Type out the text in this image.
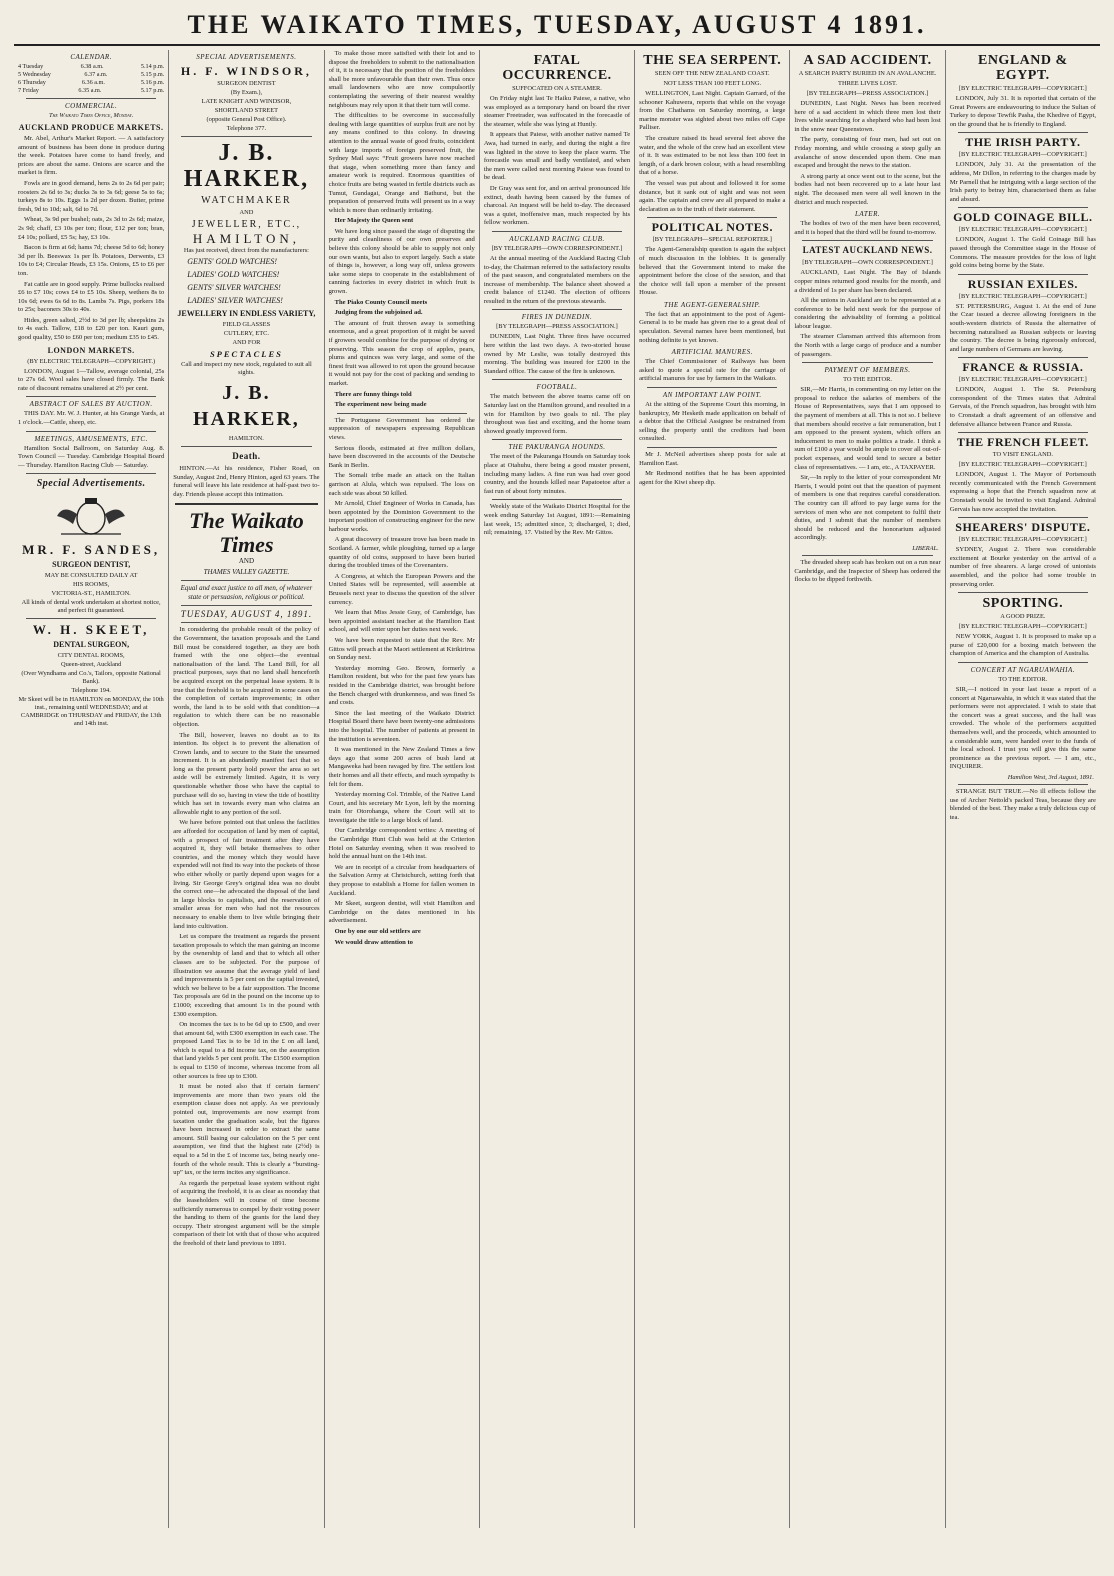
THE WAIKATO TIMES, TUESDAY, AUGUST 4 1891.
CALENDAR.
4 Tuesday	6.38 a.m.	5.14 p.m.
5 Wednesday	6.37 a.m.	5.15 p.m.
6 Thursday	6.36 a.m.	5.16 p.m.
7 Friday	6.35 a.m.	5.17 p.m.
COMMERCIAL.
The Waikato Times Office, Monday.
AUCKLAND PRODUCE MARKETS.

Mr. Abel, Arthur's Market Report. — A satisfactory amount of business has been done in produce during the week. Potatoes have come to hand freely, and prices are about the same. Onions are scarce and the market is firm.

Fowls are in good demand, hens 2s to 2s 6d per pair; roosters 2s 6d to 3s; ducks 3s to 3s 6d; geese 5s to 6s; turkeys 8s to 10s. Eggs 1s 2d per dozen. Butter, prime fresh, 9d to 10d; salt, 6d to 7d.

Wheat, 3s 9d per bushel; oats, 2s 3d to 2s 6d; maize, 2s 9d; chaff, £3 10s per ton; flour, £12 per ton; bran, £4 10s; pollard, £5 5s; hay, £3 10s.

Bacon is firm at 6d; hams 7d; cheese 5d to 6d; honey 3d per lb. Beeswax 1s per lb. Potatoes, Derwents, £3 10s to £4; Circular Heads, £3 15s. Onions, £5 to £6 per ton.

Fat cattle are in good supply. Prime bullocks realised £6 to £7 10s; cows £4 to £5 10s. Sheep, wethers 8s to 10s 6d; ewes 6s 6d to 8s. Lambs 7s. Pigs, porkers 18s to 25s; baconers 30s to 40s.

Hides, green salted, 2½d to 3d per lb; sheepskins 2s to 4s each. Tallow, £18 to £20 per ton. Kauri gum, good quality, £50 to £60 per ton; medium £35 to £45.

LONDON MARKETS.
(BY ELECTRIC TELEGRAPH—COPYRIGHT.)

LONDON, August 1—Tallow, average colonial, 25s to 27s 6d. Wool sales have closed firmly. The Bank rate of discount remains unaltered at 2½ per cent.

ABSTRACT OF SALES BY AUCTION.

THIS DAY. Mr. W. J. Hunter, at his Grange Yards, at 1 o'clock.—Cattle, sheep, etc.

MEETINGS, AMUSEMENTS, ETC.

Hamilton Social Ballroom, on Saturday Aug. 8. Town Council — Tuesday. Cambridge Hospital Board — Thursday. Hamilton Racing Club — Saturday.

Special Advertisements.
MR. F. SANDES,
SURGEON DENTIST,
MAY BE CONSULTED DAILY AT
HIS ROOMS,
VICTORIA-ST., HAMILTON.
All kinds of dental work undertaken at shortest notice, and perfect fit guaranteed.
W. H. SKEET,
DENTAL SURGEON,
CITY DENTAL ROOMS,
Queen-street, Auckland
(Over Wyndhams and Co.'s, Tailors, opposite National Bank).
Telephone 194.
Mr Skeet will be in HAMILTON on MONDAY, the 10th inst., remaining until WEDNESDAY; and at CAMBRIDGE on THURSDAY and FRIDAY, the 13th and 14th inst.
SPECIAL ADVERTISEMENTS.
H. F. WINDSOR,
SURGEON DENTIST
(By Exam.),
LATE KNIGHT AND WINDSOR,
SHORTLAND STREET
(opposite General Post Office).
Telephone 377.
J. B. HARKER,
WATCHMAKER
AND
JEWELLER, ETC.,
HAMILTON,
Has just received, direct from the manufacturers:
GENTS' GOLD WATCHES!
LADIES' GOLD WATCHES!
GENTS' SILVER WATCHES!
LADIES' SILVER WATCHES!
JEWELLERY IN ENDLESS VARIETY,
FIELD GLASSES
CUTLERY, ETC.
AND FOR
SPECTACLES
Call and inspect my new stock, regulated to suit all sights.
J. B. HARKER,
HAMILTON.
Death.

HINTON.—At his residence, Fisher Road, on Sunday, August 2nd, Henry Hinton, aged 63 years. The funeral will leave his late residence at half-past two to-day. Friends please accept this intimation.

The Waikato Times
AND
THAMES VALLEY GAZETTE.
Equal and exact justice to all men, of whatever state or persuasion, religious or political.
TUESDAY, AUGUST 4, 1891.

In considering the probable result of the policy of the Government, the taxation proposals and the Land Bill must be considered together, as they are both framed with the one object—the eventual nationalisation of the land. The Land Bill, for all practical purposes, says that no land shall henceforth be acquired except on the perpetual lease system. It is true that the freehold is to be acquired in some cases on the completion of certain improvements; in other words, the land is to be sold with that condition—a regulation to which there can be no reasonable objection.

The Bill, however, leaves no doubt as to its intention. Its object is to prevent the alienation of Crown lands, and to secure to the State the unearned increment. It is an abundantly manifest fact that so long as the present party hold power the area so set aside will be extremely limited. Again, it is very questionable whether those who have the capital to purchase will do so, having in view the tide of hostility which has set in towards every man who claims an allowable right to any portion of the soil.

We have before pointed out that unless the facilities are afforded for occupation of land by men of capital, with a prospect of fair treatment after they have acquired it, they will betake themselves to other countries, and the money which they would have expended will not find its way into the pockets of those who either wholly or partly depend upon wages for a living. Sir George Grey's original idea was no doubt the correct one—he advocated the disposal of the land in large blocks to capitalists, and the reservation of smaller areas for men who had not the resources necessary to enable them to live while bringing their land into cultivation.

Let us compare the treatment as regards the present taxation proposals to which the man gaining an income by the ownership of land and that to which all other classes are to be subjected. For the purpose of illustration we assume that the average yield of land and improvements is 5 per cent on the capital invested, which we believe to be a fair supposition. The Income Tax proposals are 6d in the pound on the income up to £1000; exceeding that amount 1s in the pound with £300 exemption.

On incomes the tax is to be 6d up to £500, and over that amount 6d, with £300 exemption in each case. The proposed Land Tax is to be 1d in the £ on all land, which is equal to a 8d income tax, on the assumption that land yields 5 per cent profit. The £1500 exemption is equal to £150 of income, whereas income from all other sources is free up to £300.

It must be noted also that if certain farmers' improvements are more than two years old the exemption clause does not apply. As we previously pointed out, improvements are now exempt from taxation under the graduation scale, but the figures have been increased in order to extract the same amount. Still basing our calculation on the 5 per cent assumption, we find that the highest rate (2½d) is equal to a 5d in the £ of income tax, being nearly one-fourth of the whole result. This is clearly a “bursting-up” tax, or the term incites any significance.

As regards the perpetual lease system without right of acquiring the freehold, it is as clear as noonday that the leaseholders will in course of time become sufficiently numerous to compel by their voting power the handing to them of the grants for the land they occupy. Their strongest argument will be the simple comparison of their lot with that of those who acquired the freehold of their land previous to 1891.

To make those more satisfied with their lot and to dispose the freeholders to submit to the nationalisation of it, it is necessary that the position of the freeholders shall be more unfavourable than their own. Thus once small landowners who are now compulsorily contemplating the severing of their nearest wealthy neighbours may rely upon it that their turn will come.

The difficulties to be overcome in successfully dealing with large quantities of surplus fruit are not by any means confined to this colony. In drawing attention to the annual waste of good fruits, coincident with large imports of foreign preserved fruit, the Sydney Mail says: “Fruit growers have now reached that stage, when something more than fancy and amateur work is required. Enormous quantities of choice fruits are being wasted in fertile districts such as Tumut, Gundagai, Orange and Bathurst, but the preparation of preserved fruits will present us in a way which is more than ordinarily irritating.

Her Majesty the Queen sent

We have long since passed the stage of disputing the purity and cleanliness of our own preserves and believe this colony should be able to supply not only our own wants, but also to export largely. Such a state of things is, however, a long way off, unless growers take some steps to cooperate in the establishment of canning factories in every district in which fruit is grown.

The Piako County Council meets

Judging from the subjoined ad.

The amount of fruit thrown away is something enormous, and a great proportion of it might be saved if growers would combine for the purpose of drying or preserving. This season the crop of apples, pears, plums and quinces was very large, and some of the finest fruit was allowed to rot upon the ground because it would not pay for the cost of packing and sending to market.

There are funny things told

The experiment now being made

The Portuguese Government has ordered the suppression of newspapers expressing Republican views.

Serious floods, estimated at five million dollars, have been discovered in the accounts of the Deutsche Bank in Berlin.

The Somali tribe made an attack on the Italian garrison at Alula, which was repulsed. The loss on each side was about 50 killed.

Mr Arnold, Chief Engineer of Works in Canada, has been appointed by the Dominion Government to the important position of constructing engineer for the new harbour works.

A great discovery of treasure trove has been made in Scotland. A farmer, while ploughing, turned up a large quantity of old coins, supposed to have been buried during the troubled times of the Covenanters.

A Congress, at which the European Powers and the United States will be represented, will assemble at Brussels next year to discuss the question of the silver currency.

We learn that Miss Jessie Gray, of Cambridge, has been appointed assistant teacher at the Hamilton East school, and will enter upon her duties next week.

We have been requested to state that the Rev. Mr Gittos will preach at the Maori settlement at Kirikiriroa on Sunday next.

Yesterday morning Geo. Brown, formerly a Hamilton resident, but who for the past few years has resided in the Cambridge district, was brought before the Bench charged with drunkenness, and was fined 5s and costs.

Since the last meeting of the Waikato District Hospital Board there have been twenty-one admissions into the hospital. The number of patients at present in the institution is seventeen.

It was mentioned in the New Zealand Times a few days ago that some 200 acres of bush land at Mangaweka had been ravaged by fire. The settlers lost their homes and all their effects, and much sympathy is felt for them.

Yesterday morning Col. Trimble, of the Native Land Court, and his secretary Mr Lyon, left by the morning train for Otorohanga, where the Court will sit to investigate the title to a large block of land.

Our Cambridge correspondent writes: A meeting of the Cambridge Hunt Club was held at the Criterion Hotel on Saturday evening, when it was resolved to hold the annual hunt on the 14th inst.

We are in receipt of a circular from headquarters of the Salvation Army at Christchurch, setting forth that they propose to establish a Home for fallen women in Auckland.

Mr Skeet, surgeon dentist, will visit Hamilton and Cambridge on the dates mentioned in his advertisement.

One by one our old settlers are

We would draw attention to

FATAL OCCURRENCE.
SUFFOCATED ON A STEAMER.

On Friday night last Te Haiku Paiese, a native, who was employed as a temporary hand on board the river steamer Freetrader, was suffocated in the forecastle of the steamer, while she was lying at Huntly.

It appears that Paiese, with another native named Te Awa, had turned in early, and during the night a fire was lighted in the stove to keep the place warm. The forecastle was small and badly ventilated, and when the men were called next morning Paiese was found to be dead.

Dr Gray was sent for, and on arrival pronounced life extinct, death having been caused by the fumes of charcoal. An inquest will be held to-day. The deceased was a quiet, inoffensive man, much respected by his fellow workmen.

AUCKLAND RACING CLUB.
[BY TELEGRAPH—OWN CORRESPONDENT.]

At the annual meeting of the Auckland Racing Club to-day, the Chairman referred to the satisfactory results of the past season, and congratulated members on the increase of membership. The balance sheet showed a credit balance of £1240. The election of officers resulted in the return of the previous stewards.

FIRES IN DUNEDIN.
[BY TELEGRAPH—PRESS ASSOCIATION.]

DUNEDIN, Last Night. Three fires have occurred here within the last two days. A two-storied house owned by Mr Leslie, was totally destroyed this morning. The building was insured for £200 in the Standard office. The cause of the fire is unknown.

FOOTBALL.

The match between the above teams came off on Saturday last on the Hamilton ground, and resulted in a win for Hamilton by two goals to nil. The play throughout was fast and exciting, and the home team showed greatly improved form.

THE PAKURANGA HOUNDS.

The meet of the Pakuranga Hounds on Saturday took place at Otahuhu, there being a good muster present, including many ladies. A fine run was had over good country, and the hounds killed near Papatoetoe after a fast run of about forty minutes.

Weekly state of the Waikato District Hospital for the week ending Saturday 1st August, 1891:—Remaining last week, 15; admitted since, 3; discharged, 1; died, nil; remaining, 17. Visited by the Rev. Mr Gittos.

THE SEA SERPENT.
SEEN OFF THE NEW ZEALAND COAST.
NOT LESS THAN 100 FEET LONG.

WELLINGTON, Last Night. Captain Garrard, of the schooner Kahuwera, reports that while on the voyage from the Chathams on Saturday morning, a large marine monster was sighted about two miles off Cape Palliser.

The creature raised its head several feet above the water, and the whole of the crew had an excellent view of it. It was estimated to be not less than 100 feet in length, of a dark brown colour, with a head resembling that of a horse.

The vessel was put about and followed it for some distance, but it sank out of sight and was not seen again. The captain and crew are all prepared to make a declaration as to the truth of their statement.

POLITICAL NOTES.
[BY TELEGRAPH—SPECIAL REPORTER.]

The Agent-Generalship question is again the subject of much discussion in the lobbies. It is generally believed that the Government intend to make the appointment before the close of the session, and that the choice will fall upon a member of the present House.

THE AGENT-GENERALSHIP.

The fact that an appointment to the post of Agent-General is to be made has given rise to a great deal of speculation. Several names have been mentioned, but nothing definite is yet known.

ARTIFICIAL MANURES.

The Chief Commissioner of Railways has been asked to quote a special rate for the carriage of artificial manures for use by farmers in the Waikato.

AN IMPORTANT LAW POINT.

At the sitting of the Supreme Court this morning, in bankruptcy, Mr Hesketh made application on behalf of a debtor that the Official Assignee be restrained from selling the property until the creditors had been consulted.

Mr J. McNeil advertises sheep posts for sale at Hamilton East.

Mr Redmond notifies that he has been appointed agent for the Kiwi sheep dip.

A SAD ACCIDENT.
A SEARCH PARTY BURIED IN AN AVALANCHE.
THREE LIVES LOST.
[BY TELEGRAPH—PRESS ASSOCIATION.]

DUNEDIN, Last Night. News has been received here of a sad accident in which three men lost their lives while searching for a shepherd who had been lost in the snow near Queenstown.

The party, consisting of four men, had set out on Friday morning, and while crossing a steep gully an avalanche of snow descended upon them. One man escaped and brought the news to the station.

A strong party at once went out to the scene, but the bodies had not been recovered up to a late hour last night. The deceased men were all well known in the district and much respected.

LATER.

The bodies of two of the men have been recovered, and it is hoped that the third will be found to-morrow.

LATEST AUCKLAND NEWS.
[BY TELEGRAPH—OWN CORRESPONDENT.]

AUCKLAND, Last Night. The Bay of Islands copper mines returned good results for the month, and a dividend of 1s per share has been declared.

All the unions in Auckland are to be represented at a conference to be held next week for the purpose of considering the advisability of forming a political labour league.

The steamer Clansman arrived this afternoon from the North with a large cargo of produce and a number of passengers.

PAYMENT OF MEMBERS.
TO THE EDITOR.

SIR,—Mr Harris, in commenting on my letter on the proposal to reduce the salaries of members of the House of Representatives, says that I am opposed to the payment of members at all. This is not so. I believe that members should receive a fair remuneration, but I am opposed to the present system, which offers an inducement to men to make politics a trade. I think a sum of £100 a year would be ample to cover all out-of-pocket expenses, and would tend to secure a better class of representatives. — I am, etc., A TAXPAYER.

Sir,—In reply to the letter of your correspondent Mr Harris, I would point out that the question of payment of members is one that requires careful consideration. The country can ill afford to pay large sums for the services of men who are not competent to fulfil their duties, and I submit that the number of members should be reduced and the honorarium adjusted accordingly.

LIBERAL.

The dreaded sheep scab has broken out on a run near Cambridge, and the Inspector of Sheep has ordered the flocks to be dipped forthwith.

ENGLAND & EGYPT.
[BY ELECTRIC TELEGRAPH—COPYRIGHT.]

LONDON, July 31. It is reported that certain of the Great Powers are endeavouring to induce the Sultan of Turkey to depose Tewfik Pasha, the Khedive of Egypt, on the ground that he is friendly to England.

THE IRISH PARTY.
[BY ELECTRIC TELEGRAPH—COPYRIGHT.]

LONDON, July 31. At the presentation of the address, Mr Dillon, in referring to the charges made by Mr Parnell that he intriguing with a large section of the Irish party to betray him, characterised them as false and absurd.

GOLD COINAGE BILL.
[BY ELECTRIC TELEGRAPH—COPYRIGHT.]

LONDON, August 1. The Gold Coinage Bill has passed through the Committee stage in the House of Commons. The measure provides for the loss of light gold coins being borne by the State.

RUSSIAN EXILES.
[BY ELECTRIC TELEGRAPH—COPYRIGHT.]

ST. PETERSBURG, August 1. At the end of June the Czar issued a decree allowing foreigners in the south-western districts of Russia the alternative of becoming naturalised as Russian subjects or leaving the country. The decree is being rigorously enforced, and large numbers of Germans are leaving.

FRANCE & RUSSIA.
[BY ELECTRIC TELEGRAPH—COPYRIGHT.]

LONDON, August 1. The St. Petersburg correspondent of the Times states that Admiral Gervais, of the French squadron, has brought with him to Cronstadt a draft agreement of an offensive and defensive alliance between France and Russia.

THE FRENCH FLEET.
TO VISIT ENGLAND.
[BY ELECTRIC TELEGRAPH—COPYRIGHT.]

LONDON, August 1. The Mayor of Portsmouth recently communicated with the French Government expressing a hope that the French squadron now at Cronstadt would be invited to visit England. Admiral Gervais has now accepted the invitation.

SHEARERS' DISPUTE.
[BY ELECTRIC TELEGRAPH—COPYRIGHT.]

SYDNEY, August 2. There was considerable excitement at Bourke yesterday on the arrival of a number of free shearers. A large crowd of unionists assembled, and the police had some trouble in preserving order.

SPORTING.
A GOOD PRIZE.
[BY ELECTRIC TELEGRAPH—COPYRIGHT.]

NEW YORK, August 1. It is proposed to make up a purse of £20,000 for a boxing match between the champion of America and the champion of Australia.

CONCERT AT NGARUAWAHIA.
TO THE EDITOR.

SIR,—I noticed in your last issue a report of a concert at Ngaruawahia, in which it was stated that the performers were not appreciated. I wish to state that the concert was a great success, and the hall was crowded. The whole of the performers acquitted themselves well, and the proceeds, which amounted to a considerable sum, were handed over to the funds of the local school. I trust you will give this the same prominence as the previous report. — I am, etc., INQUIRER.

Hamilton West, 3rd August, 1891.

STRANGE BUT TRUE.—No ill effects follow the use of Archer Nettold's packed Teas, because they are blended of the best. They make a truly delicious cup of tea.
